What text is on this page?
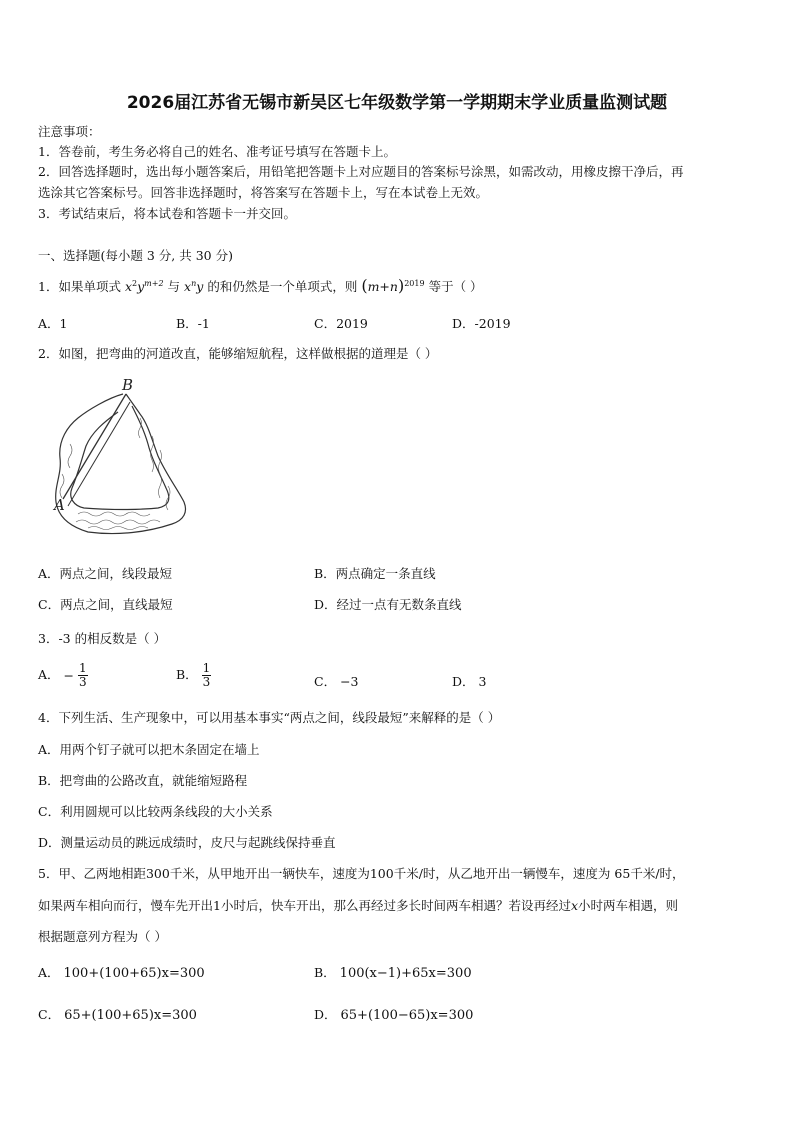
2026届江苏省无锡市新吴区七年级数学第一学期期末学业质量监测试题
注意事项：
1．答卷前，考生务必将自己的姓名、准考证号填写在答题卡上。
2．回答选择题时，选出每小题答案后，用铅笔把答题卡上对应题目的答案标号涂黑，如需改动，用橡皮擦干净后，再
选涂其它答案标号。回答非选择题时，将答案写在答题卡上，写在本试卷上无效。
3．考试结束后，将本试卷和答题卡一并交回。
一、选择题(每小题 3 分, 共 30 分)
1．如果单项式 $x^2y^{m+2}$ 与 $x^ny$ 的和仍然是一个单项式，则 $(m+n)^{2019}$ 等于（ ）
A．1	B．-1	C．2019	D．-2019
2．如图，把弯曲的河道改直，能够缩短航程，这样做根据的道理是（ ）
B
A
A．两点之间，线段最短	B．两点确定一条直线
C．两点之间，直线最短	D．经过一点有无数条直线
3．-3 的相反数是（ ）
A． − $\frac{1}{3}$	B． $\frac{1}{3}$	C． −3	D． 3
4．下列生活、生产现象中，可以用基本事实“两点之间，线段最短”来解释的是（ ）
A．用两个钉子就可以把木条固定在墙上
B．把弯曲的公路改直，就能缩短路程
C．利用圆规可以比较两条线段的大小关系
D．测量运动员的跳远成绩时，皮尺与起跳线保持垂直
5．甲、乙两地相距300千米，从甲地开出一辆快车，速度为100千米/时，从乙地开出一辆慢车，速度为 65千米/时，
如果两车相向而行，慢车先开出1小时后，快车开出，那么再经过多长时间两车相遇？若设再经过x小时两车相遇，则
根据题意列方程为（ ）
A． 100+(100+65)x=300	B． 100(x−1)+65x=300
C． 65+(100+65)x=300	D． 65+(100−65)x=300
